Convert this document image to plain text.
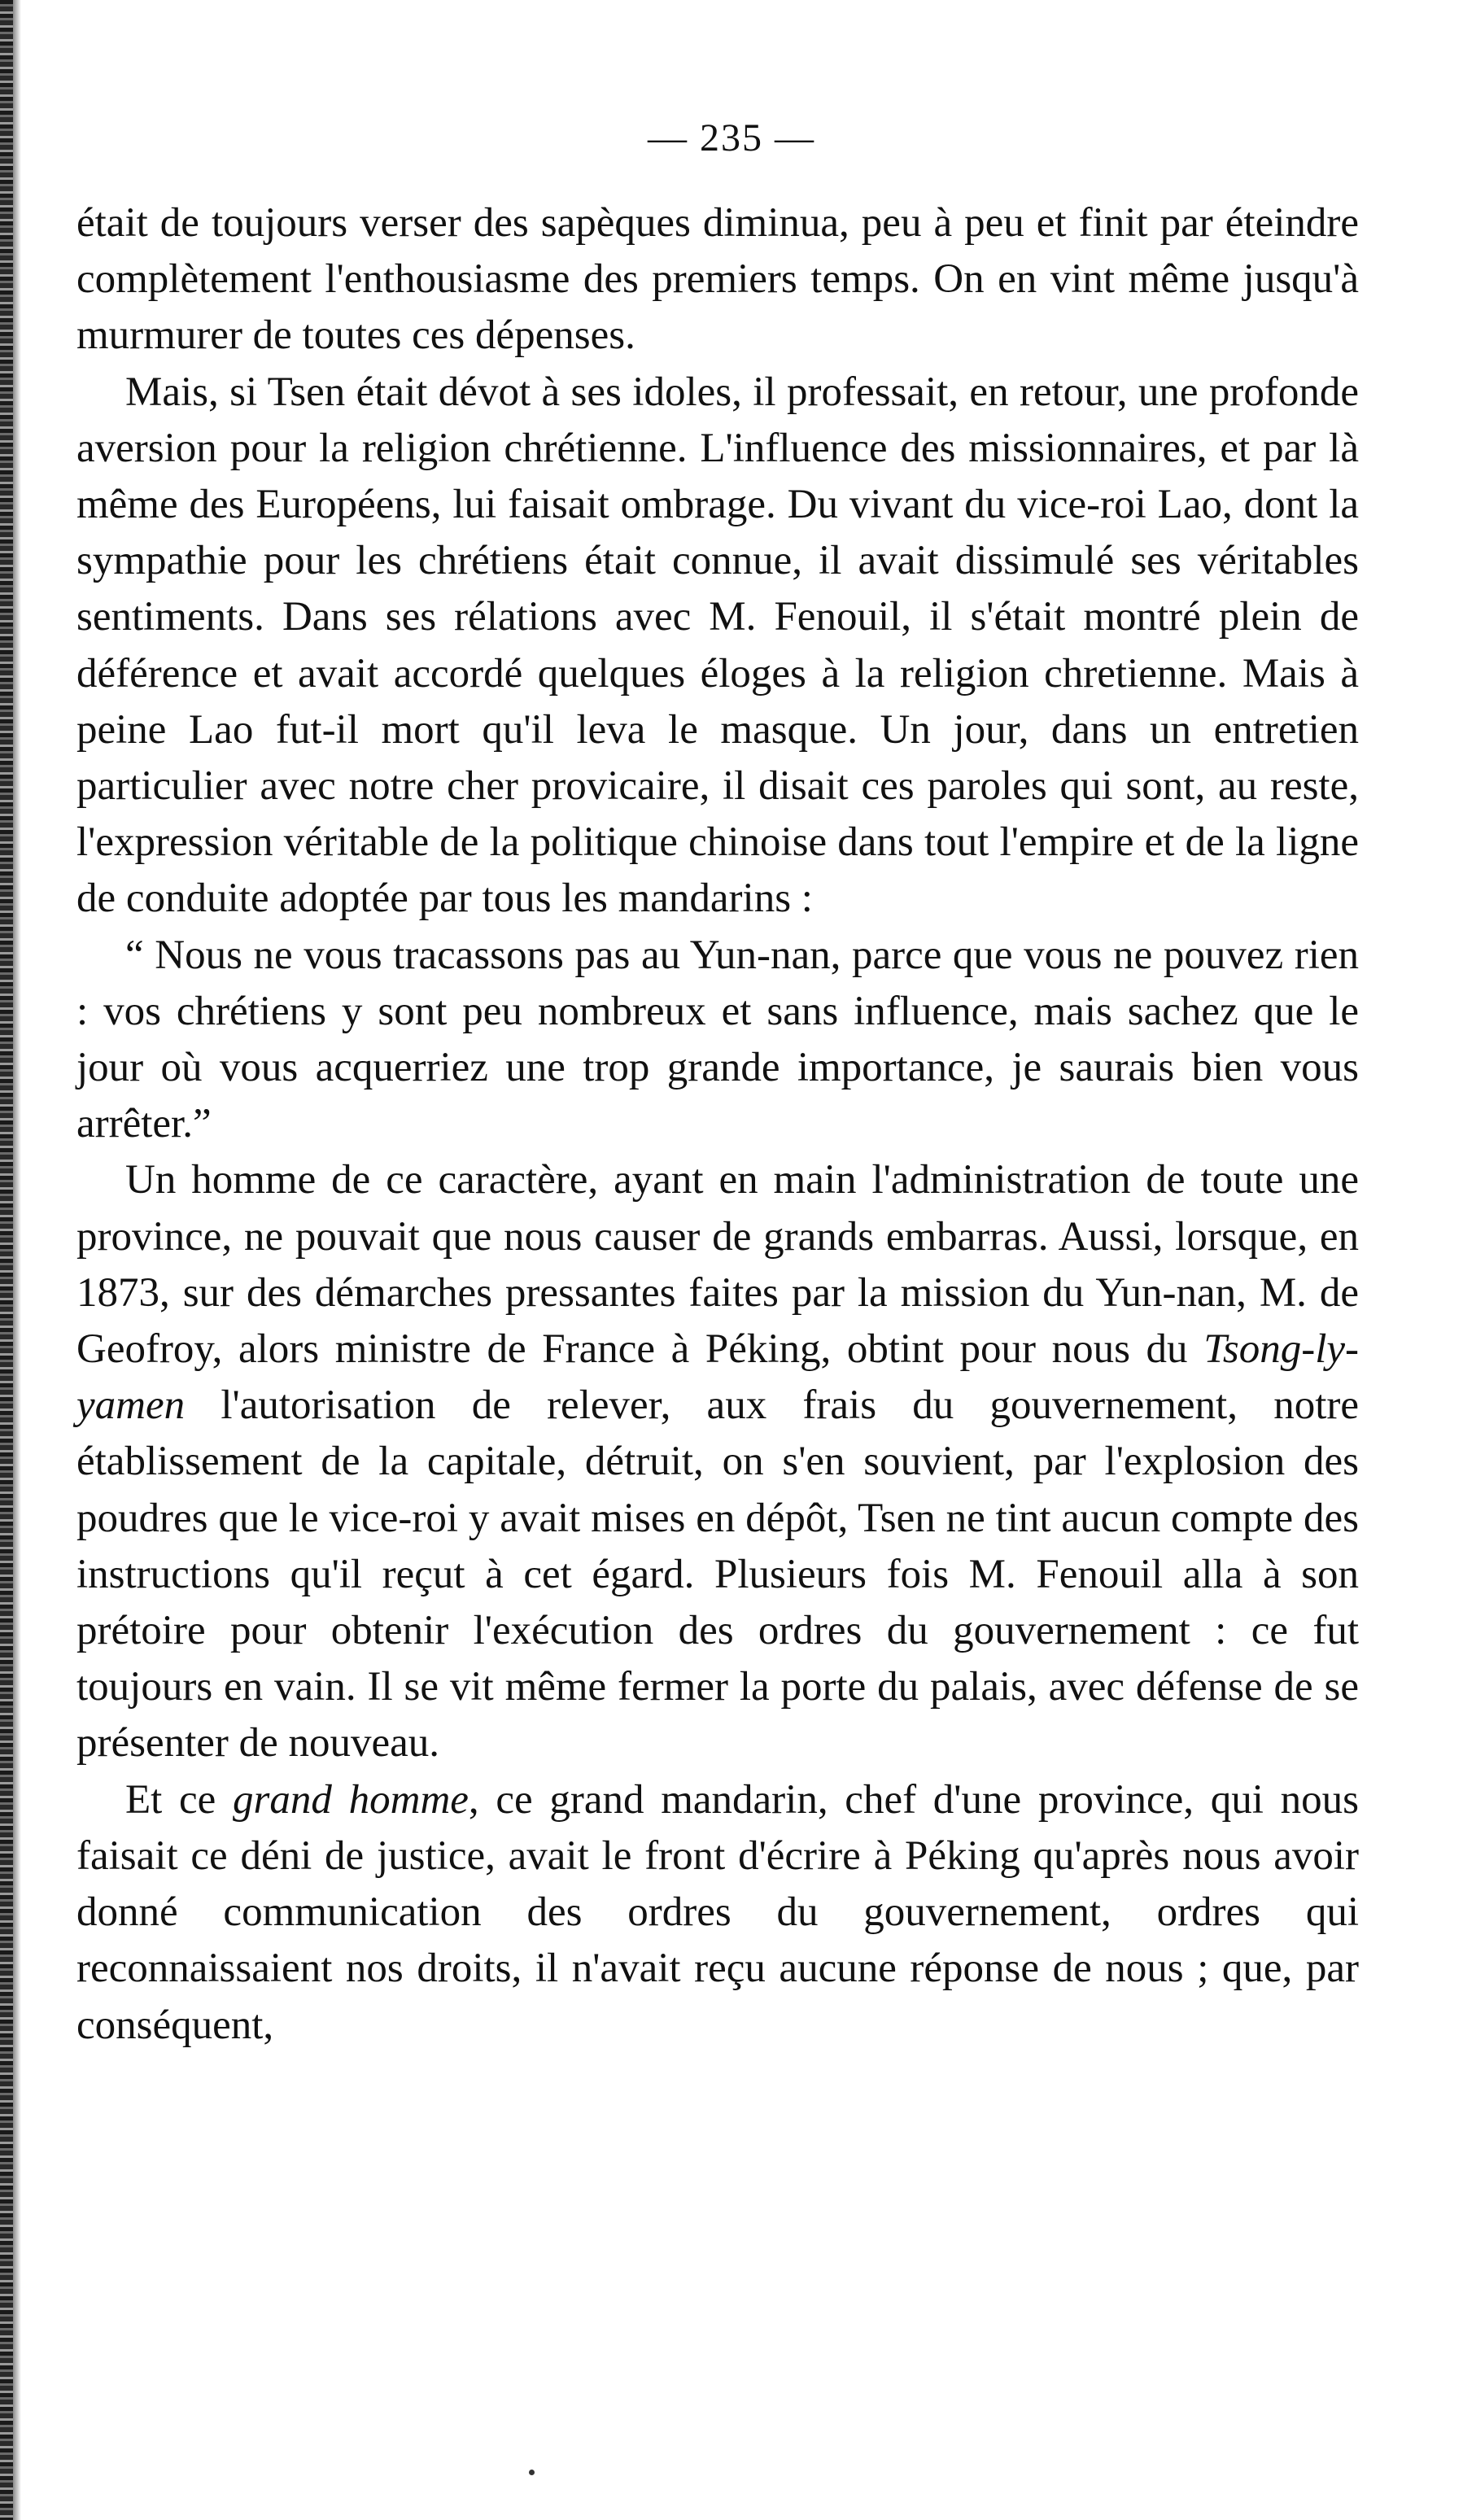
— 235 —

était de toujours verser des sapèques diminua, peu à peu et finit par éteindre complètement l'enthousiasme des premiers temps. On en vint même jusqu'à murmurer de toutes ces dépenses.

Mais, si Tsen était dévot à ses idoles, il professait, en retour, une profonde aversion pour la religion chrétienne. L'influence des missionnaires, et par là même des Européens, lui faisait ombrage. Du vivant du vice-roi Lao, dont la sympathie pour les chrétiens était connue, il avait dissimulé ses véritables sentiments. Dans ses rélations avec M. Fenouil, il s'était montré plein de déférence et avait accordé quelques éloges à la religion chretienne. Mais à peine Lao fut-il mort qu'il leva le masque. Un jour, dans un entretien particulier avec notre cher provicaire, il disait ces paroles qui sont, au reste, l'expression véritable de la politique chinoise dans tout l'empire et de la ligne de conduite adoptée par tous les mandarins :

“ Nous ne vous tracassons pas au Yun-nan, parce que vous ne pouvez rien : vos chrétiens y sont peu nombreux et sans influence, mais sachez que le jour où vous acquerriez une trop grande importance, je saurais bien vous arrêter.”

Un homme de ce caractère, ayant en main l'administration de toute une province, ne pouvait que nous causer de grands embarras. Aussi, lorsque, en 1873, sur des démarches pressantes faites par la mission du Yun-nan, M. de Geofroy, alors ministre de France à Péking, obtint pour nous du Tsong-ly-yamen l'autorisation de relever, aux frais du gouvernement, notre établissement de la capitale, détruit, on s'en souvient, par l'explosion des poudres que le vice-roi y avait mises en dépôt, Tsen ne tint aucun compte des instructions qu'il reçut à cet égard. Plusieurs fois M. Fenouil alla à son prétoire pour obtenir l'exécution des ordres du gouvernement : ce fut toujours en vain. Il se vit même fermer la porte du palais, avec défense de se présenter de nouveau.

Et ce grand homme, ce grand mandarin, chef d'une province, qui nous faisait ce déni de justice, avait le front d'écrire à Péking qu'après nous avoir donné communication des ordres du gouvernement, ordres qui reconnaissaient nos droits, il n'avait reçu aucune réponse de nous ; que, par conséquent,
